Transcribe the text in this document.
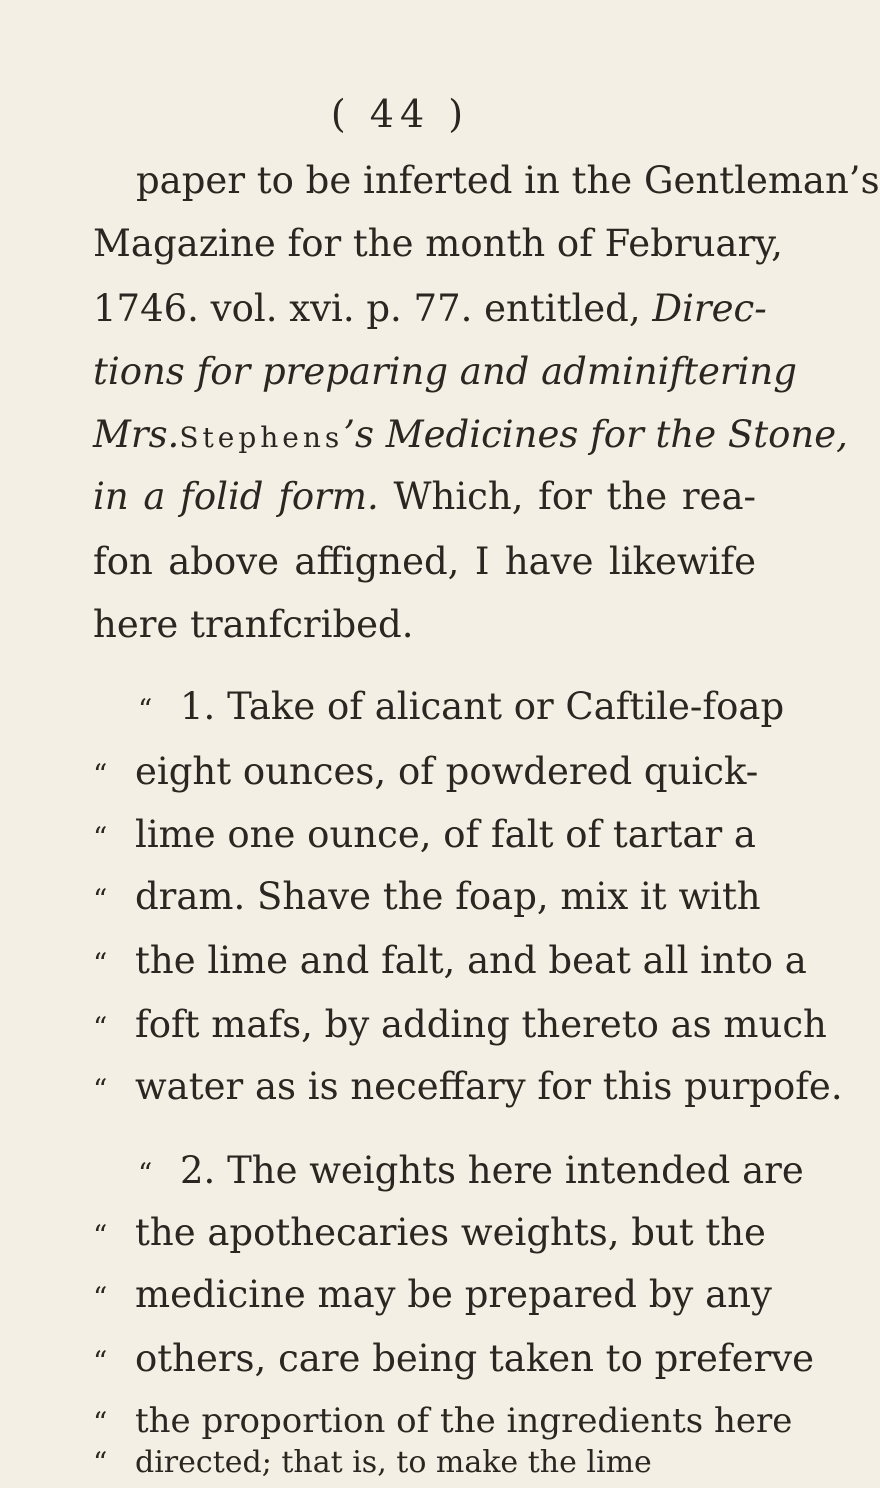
( 44 )
paper to be inferted in the Gentleman’s
Magazine for the month of February,
1746. vol. xvi. p. 77. entitled, Direc-
tions for preparing and adminiftering
Mrs.Stephens’s Medicines for the Stone,
in a folid form. Which, for the rea-
fon above affigned, I have likewife
here tranfcribed.
“ 1. Take of alicant or Caftile-foap
“ eight ounces, of powdered quick-
“ lime one ounce, of falt of tartar a
“ dram. Shave the foap, mix it with
“ the lime and falt, and beat all into a
“ foft mafs, by adding thereto as much
“ water as is neceffary for this purpofe.
“ 2. The weights here intended are
“ the apothecaries weights, but the
“ medicine may be prepared by any
“ others, care being taken to preferve
“ the proportion of the ingredients here
“ directed; that is, to make the lime
